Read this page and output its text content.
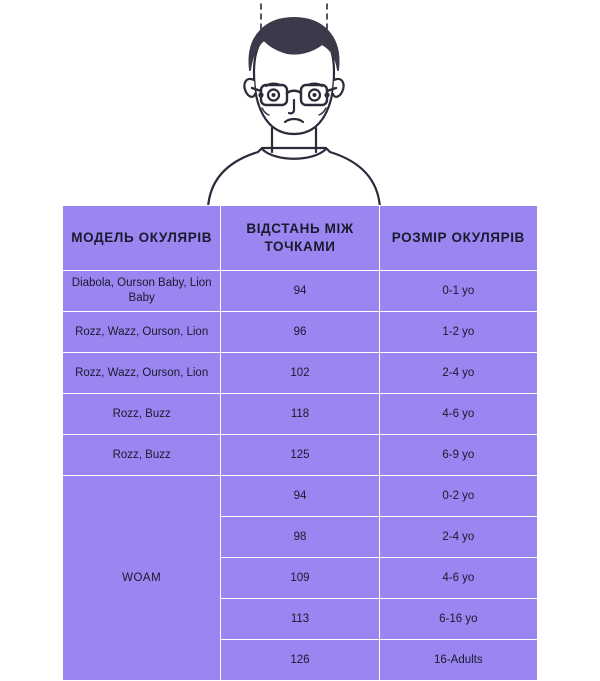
МОДЕЛЬ ОКУЛЯРІВ	ВІДСТАНЬ МІЖ ТОЧКАМИ	РОЗМІР ОКУЛЯРІВ
Diabola, Ourson Baby, Lion Baby	94	0-1 yo
Rozz, Wazz, Ourson, Lion	96	1-2 yo
Rozz, Wazz, Ourson, Lion	102	2-4 yo
Rozz, Buzz	118	4-6 yo
Rozz, Buzz	125	6-9 yo
WOAM	94	0-2 yo
	98	2-4 yo
	109	4-6 yo
	113	6-16 yo
	126	16-Adults
